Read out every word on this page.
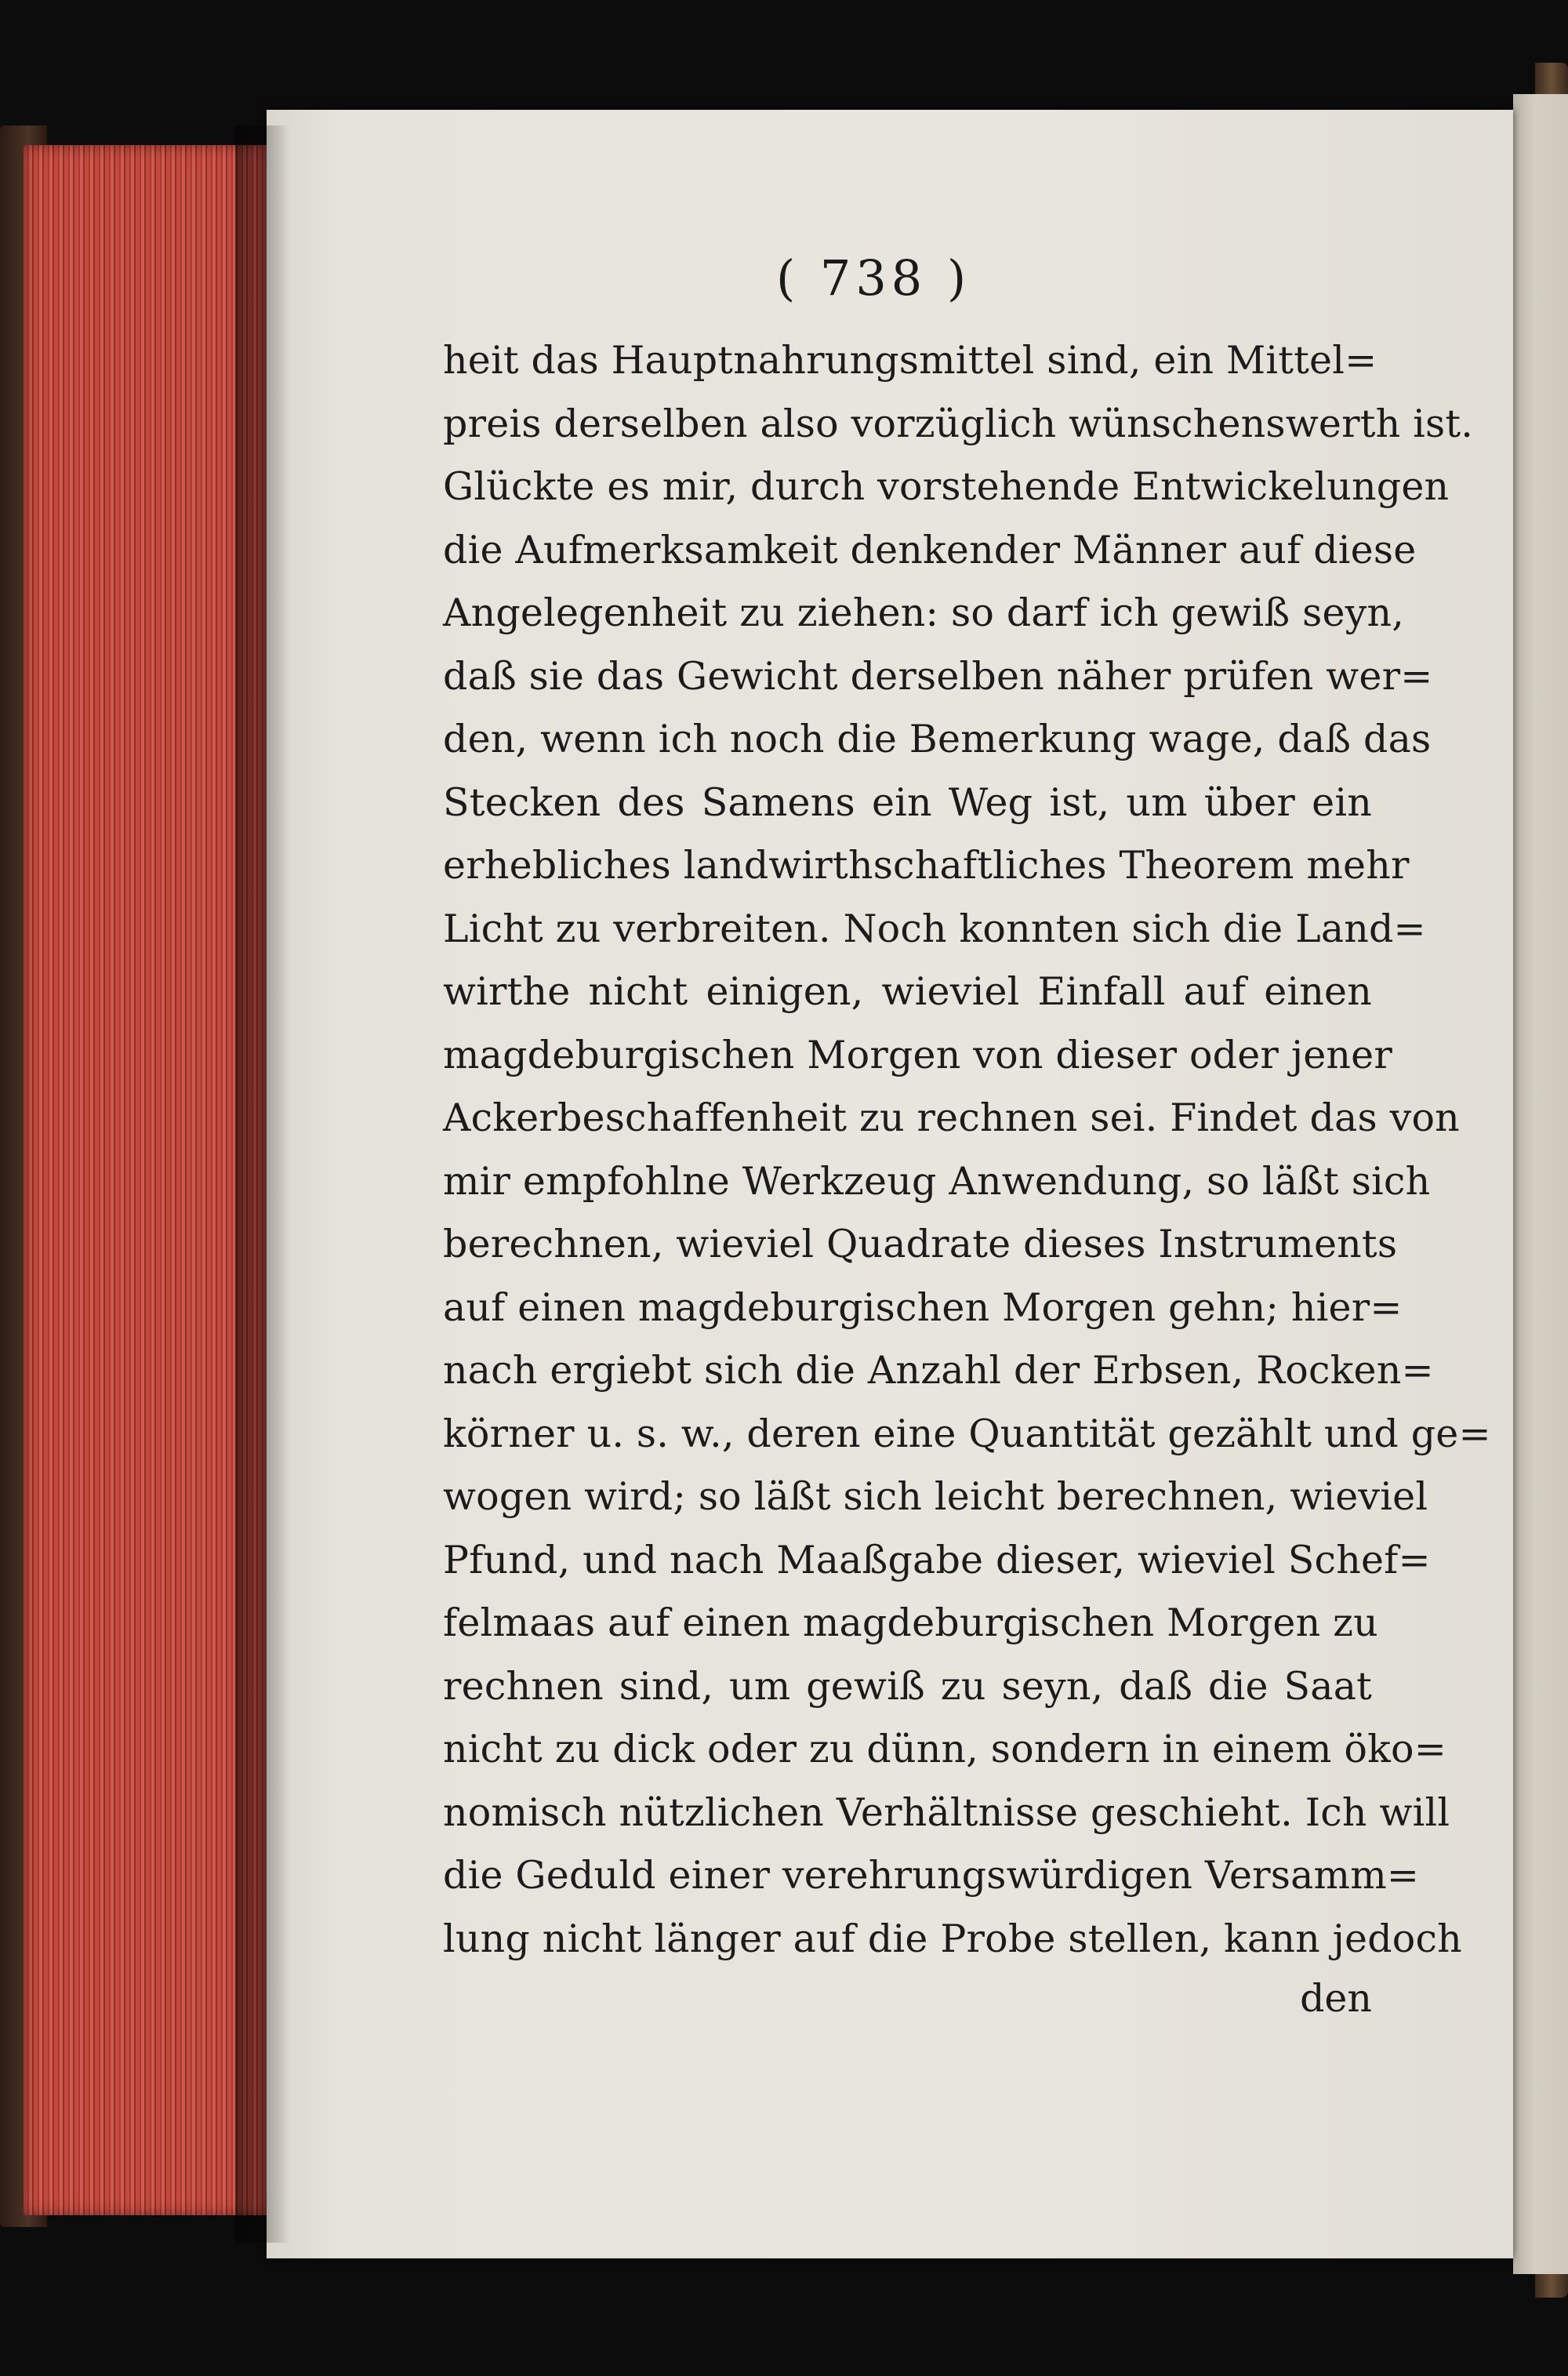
( 738 )
heit das Hauptnahrungsmittel sind, ein Mittel=
preis derselben also vorzüglich wünschenswerth ist.
Glückte es mir, durch vorstehende Entwickelungen
die Aufmerksamkeit denkender Männer auf diese
Angelegenheit zu ziehen: so darf ich gewiß seyn,
daß sie das Gewicht derselben näher prüfen wer=
den, wenn ich noch die Bemerkung wage, daß das
Stecken des Samens ein Weg ist, um über ein
erhebliches landwirthschaftliches Theorem mehr
Licht zu verbreiten. Noch konnten sich die Land=
wirthe nicht einigen, wieviel Einfall auf einen
magdeburgischen Morgen von dieser oder jener
Ackerbeschaffenheit zu rechnen sei. Findet das von
mir empfohlne Werkzeug Anwendung, so läßt sich
berechnen, wieviel Quadrate dieses Instruments
auf einen magdeburgischen Morgen gehn; hier=
nach ergiebt sich die Anzahl der Erbsen, Rocken=
körner u. s. w., deren eine Quantität gezählt und ge=
wogen wird; so läßt sich leicht berechnen, wieviel
Pfund, und nach Maaßgabe dieser, wieviel Schef=
felmaas auf einen magdeburgischen Morgen zu
rechnen sind, um gewiß zu seyn, daß die Saat
nicht zu dick oder zu dünn, sondern in einem öko=
nomisch nützlichen Verhältnisse geschieht. Ich will
die Geduld einer verehrungswürdigen Versamm=
lung nicht länger auf die Probe stellen, kann jedoch
den
